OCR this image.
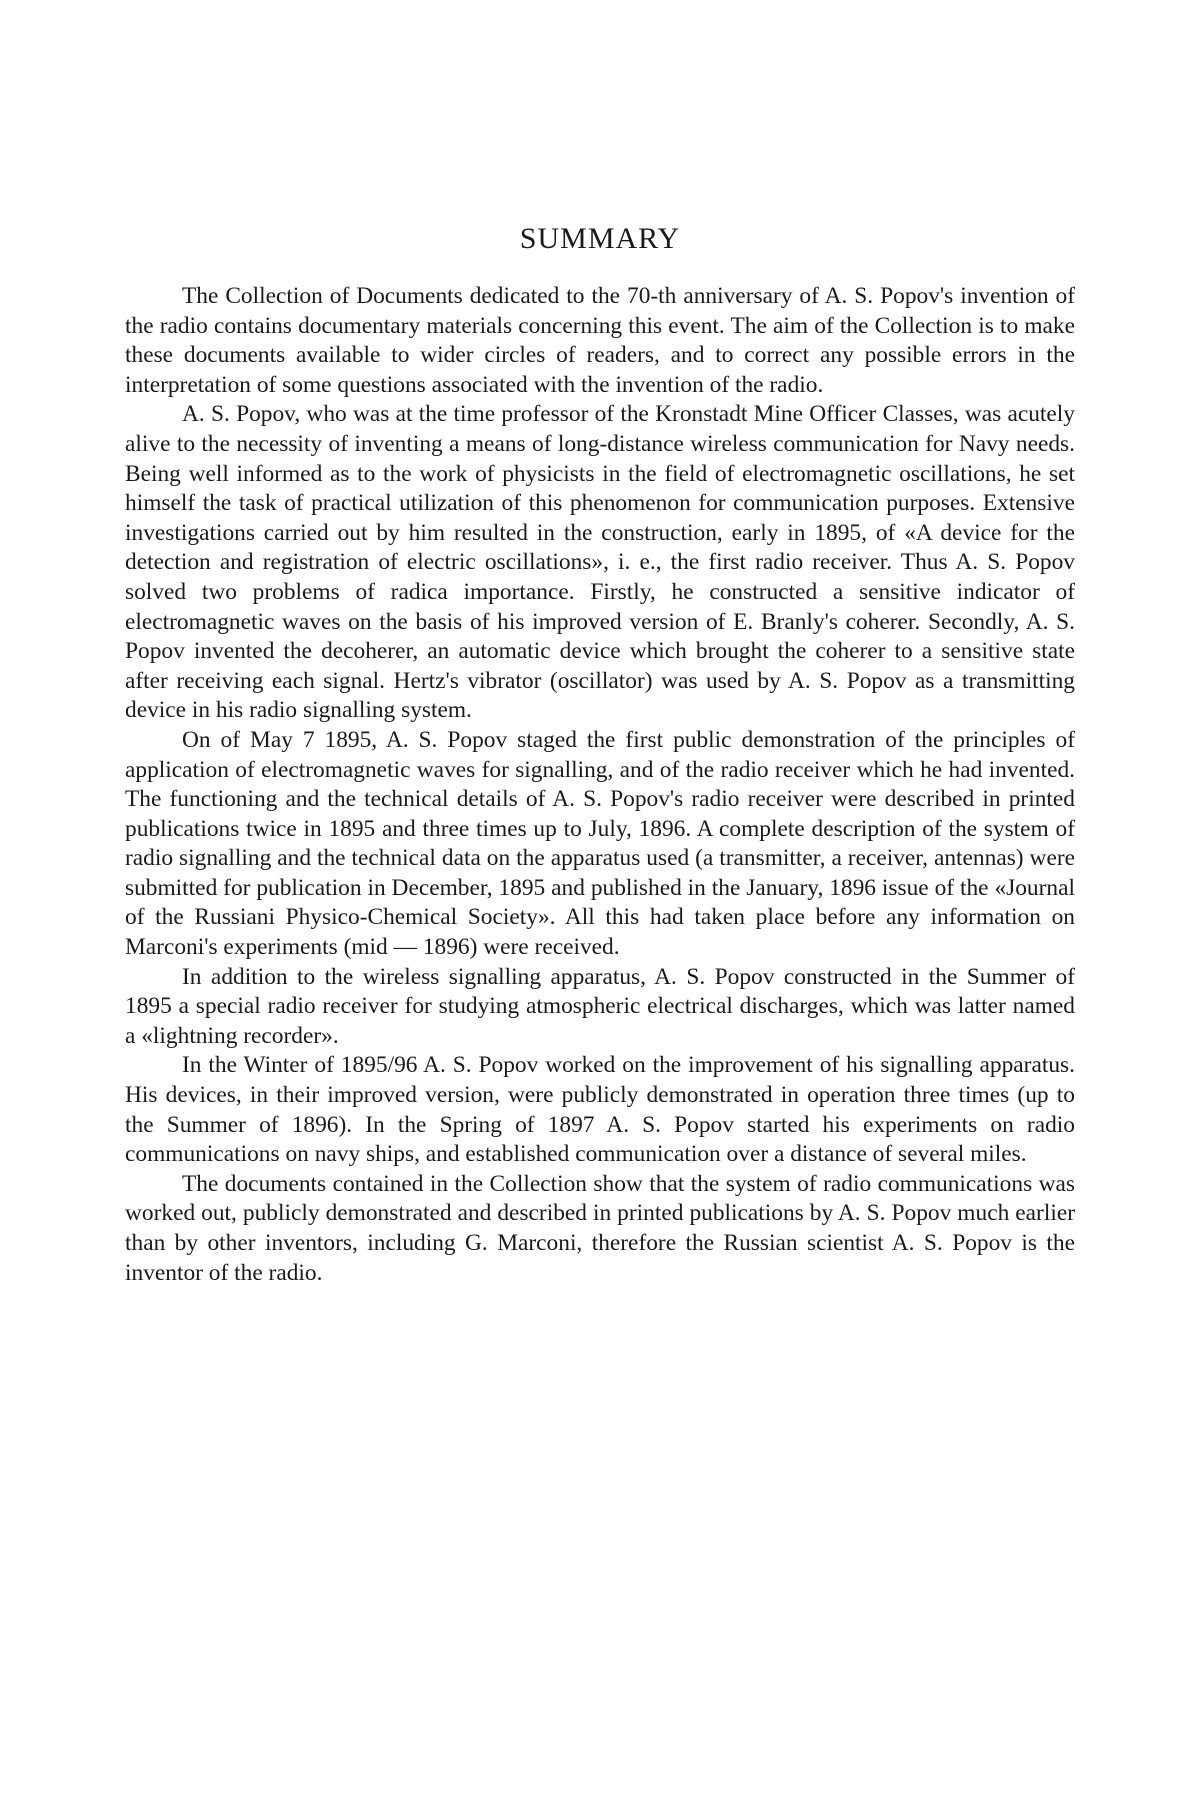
SUMMARY

The Collection of Documents dedicated to the 70-th anniversary of A. S. Popov's invention of the radio contains documentary materials concerning this event. The aim of the Collection is to make these documents available to wider circles of readers, and to correct any possible errors in the interpretation of some questions associated with the invention of the radio.

A. S. Popov, who was at the time professor of the Kronstadt Mine Officer Classes, was acutely alive to the necessity of inventing a means of long-distance wireless communication for Navy needs. Being well informed as to the work of physicists in the field of electromagnetic oscillations, he set himself the task of practical utilization of this phenomenon for communication purposes. Extensive investigations carried out by him resulted in the construction, early in 1895, of «A device for the detection and registration of electric oscillations», i. e., the first radio receiver. Thus A. S. Popov solved two problems of radica importance. Firstly, he constructed a sensitive indicator of electromagnetic waves on the basis of his improved version of E. Branly's coherer. Secondly, A. S. Popov invented the decoherer, an automatic device which brought the coherer to a sensitive state after receiving each signal. Hertz's vibrator (oscillator) was used by A. S. Popov as a transmitting device in his radio signalling system.

On of May 7 1895, A. S. Popov staged the first public demonstration of the principles of application of electromagnetic waves for signalling, and of the radio receiver which he had invented. The functioning and the technical details of A. S. Popov's radio receiver were described in printed publications twice in 1895 and three times up to July, 1896. A complete description of the system of radio signalling and the technical data on the apparatus used (a transmitter, a receiver, antennas) were submitted for publication in December, 1895 and published in the January, 1896 issue of the «Journal of the Russiani Physico-Chemical Society». All this had taken place before any information on Marconi's experiments (mid — 1896) were received.

In addition to the wireless signalling apparatus, A. S. Popov constructed in the Summer of 1895 a special radio receiver for studying atmospheric electrical discharges, which was latter named a «lightning recorder».

In the Winter of 1895/96 A. S. Popov worked on the improvement of his signalling apparatus. His devices, in their improved version, were publicly demonstrated in operation three times (up to the Summer of 1896). In the Spring of 1897 A. S. Popov started his experiments on radio communications on navy ships, and established communication over a distance of several miles.

The documents contained in the Collection show that the system of radio communications was worked out, publicly demonstrated and described in printed publications by A. S. Popov much earlier than by other inventors, including G. Marconi, therefore the Russian scientist A. S. Popov is the inventor of the radio.
